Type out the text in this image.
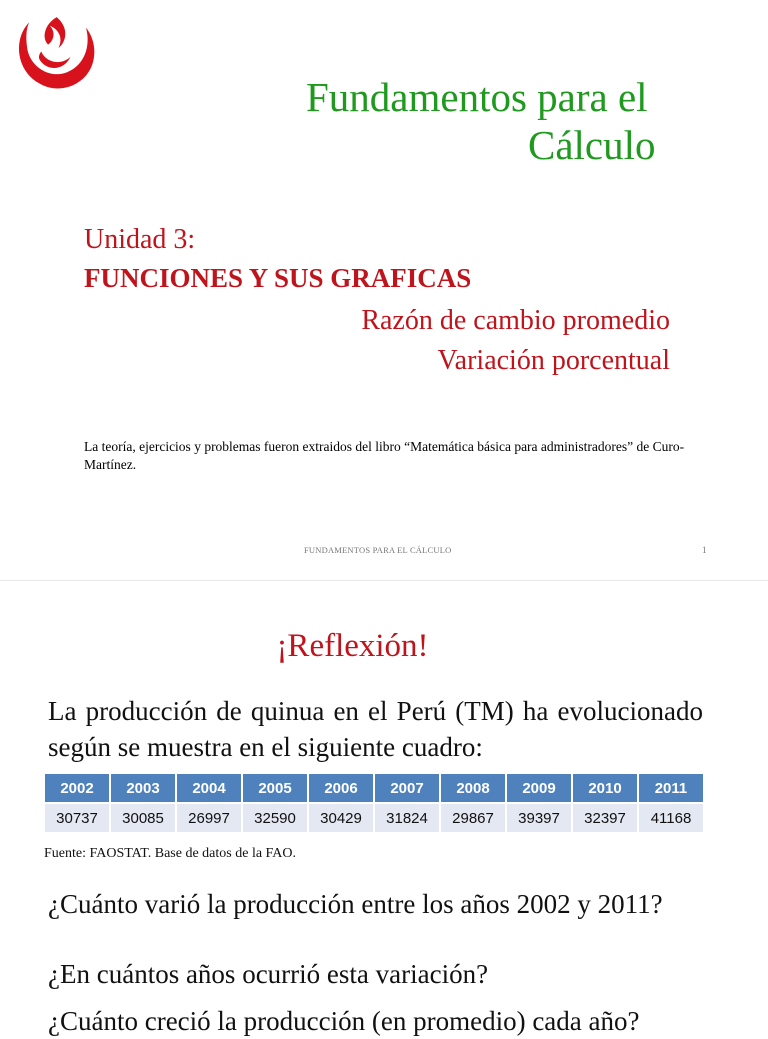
Fundamentos para el
Cálculo
Unidad 3:
FUNCIONES Y SUS GRAFICAS
Razón de cambio promedio
Variación porcentual
La teoría, ejercicios y problemas fueron extraidos del libro “Matemática básica para administradores” de Curo-Martínez.
FUNDAMENTOS PARA EL CÁLCULO	1
¡Reflexión!
La producción de quinua en el Perú (TM) ha evolucionado según se muestra en el siguiente cuadro:
2002	2003	2004	2005	2006	2007	2008	2009	2010	2011
30737	30085	26997	32590	30429	31824	29867	39397	32397	41168
Fuente: FAOSTAT. Base de datos de la FAO.
¿Cuánto varió la producción entre los años 2002 y 2011?
¿En cuántos años ocurrió esta variación?
¿Cuánto creció la producción (en promedio) cada año?
